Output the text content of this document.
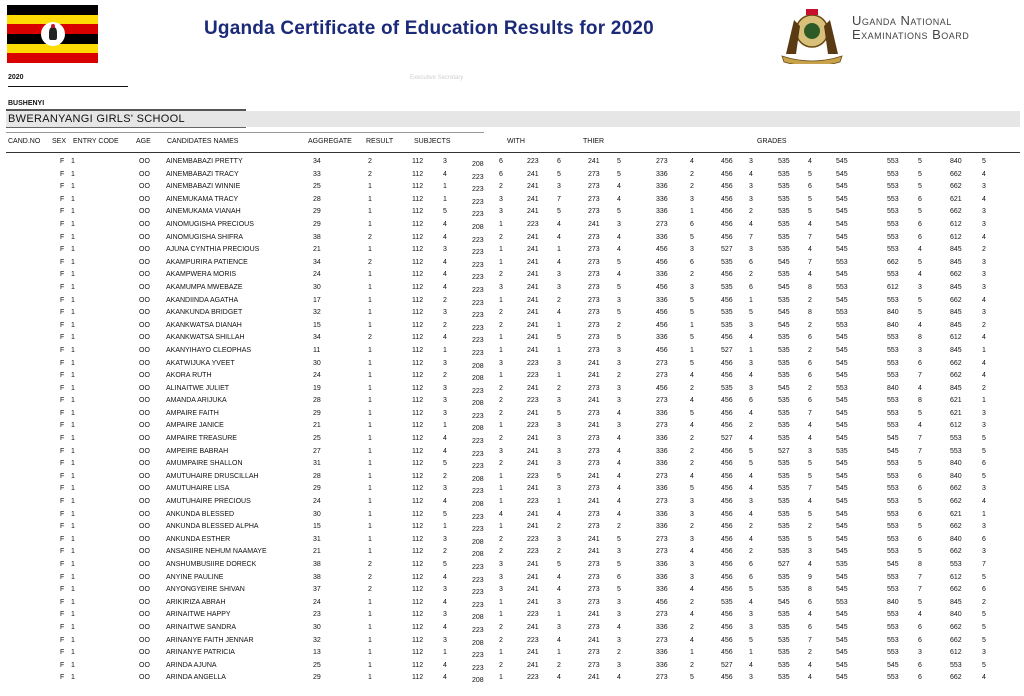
Uganda Certificate of Education Results for 2020	Uganda National
Examinations Board
2020	Executive Secretary
BUSHENYI
BWERANYANGI GIRLS' SCHOOL
CAND.NO SEX ENTRY CODE AGE CANDIDATES NAMES	AGGREGATE RESULT	SUBJECTS	WITH	THIER	GRADES
F 1	OO AINEMBABAZI PRETTY	34	2	112	3	208 6	223	6	241 5	273	4	456 3	535	4	545	553	5	840	5
F 1	OO AINEMBABAZI TRACY	33	2	112	4	223 6	241	5	273 5	336	2	456 4	535	5	545	553	5	662	4
F 1	OO AINEMBABAZI WINNIE	25	1	112	1	223 2	241	3	273 4	336	2	456 3	535	6	545	553	5	662	3
F 1	OO AINEMUKAMA TRACY	28	1	112	1	223 3	241	7	273 4	336	3	456 3	535	5	545	553	6	621	4
F 1	OO AINEMUKAMA VIANAH	29	1	112	5	223 3	241	5	273 5	336	1	456 2	535	5	545	553	5	662	3
F 1	OO AINOMUGISHA PRECIOUS	29	1	112	4	208 1	223	4	241 3	273	6	456 4	535	4	545	553	6	612	3
F 1	OO AINOMUGISHA SHIFRA	38	2	112	4	223 2	241	4	273 4	336	5	456 7	535	7	545	553	6	612	4
F 1	OO AJUNA CYNTHIA PRECIOUS	21	1	112	3	223 1	241	1	273 4	456	3	527 3	535	4	545	553	4	845	2
F 1	OO AKAMPURIRA PATIENCE	34	2	112	4	223 1	241	4	273 5	456	6	535 6	545	7	553	662	5	845	3
F 1	OO AKAMPWERA MORIS	24	1	112	4	223 2	241	3	273 4	336	2	456 2	535	4	545	553	4	662	3
F 1	OO AKAMUMPA MWEBAZE	30	1	112	4	223 3	241	3	273 5	456	3	535 6	545	8	553	612	3	845	3
F 1	OO AKANDIINDA AGATHA	17	1	112	2	223 1	241	2	273 3	336	5	456 1	535	2	545	553	5	662	4
F 1	OO AKANKUNDA BRIDGET	32	1	112	3	223 2	241	4	273 5	456	5	535 5	545	8	553	840	5	845	3
F 1	OO AKANKWATSA DIANAH	15	1	112	2	223 2	241	1	273 2	456	1	535 3	545	2	553	840	4	845	2
F 1	OO AKANKWATSA SHILLAH	34	2	112	4	223 1	241	5	273 5	336	5	456 4	535	6	545	553	8	612	4
F 1	OO AKANYIHAYO CLEOPHAS	11	1	112	1	223 1	241	1	273 3	456	1	527 1	535	2	545	553	3	845	1
F 1	OO AKATWIJUKA YVEET	30	1	112	3	208 3	223	3	241 3	273	5	456 3	535	6	545	553	6	662	4
F 1	OO AKORA RUTH	24	1	112	2	208 1	223	1	241 2	273	4	456 4	535	6	545	553	7	662	4
F 1	OO ALINAITWE JULIET	19	1	112	3	223 2	241	2	273 3	456	2	535 3	545	2	553	840	4	845	2
F 1	OO AMANDA ARIJUKA	28	1	112	3	208 2	223	3	241 3	273	4	456 6	535	6	545	553	8	621	1
F 1	OO AMPAIRE FAITH	29	1	112	3	223 2	241	5	273 4	336	5	456 4	535	7	545	553	5	621	3
F 1	OO AMPAIRE JANICE	21	1	112	1	208 1	223	3	241 3	273	4	456 2	535	4	545	553	4	612	3
F 1	OO AMPAIRE TREASURE	25	1	112	4	223 2	241	3	273 4	336	2	527 4	535	4	545	545	7	553	5
F 1	OO AMPEIRE BABRAH	27	1	112	4	223 3	241	3	273 4	336	2	456 5	527	3	535	545	7	553	5
F 1	OO AMUMPAIRE SHALLON	31	1	112	5	223 2	241	3	273 4	336	2	456 5	535	5	545	553	5	840	6
F 1	OO AMUTUHAIRE DRUSCILLAH	28	1	112	2	208 1	223	5	241 4	273	4	456 4	535	5	545	553	6	840	5
F 1	OO AMUTUHAIRE LISA	29	1	112	3	223 1	241	3	273 4	336	5	456 4	535	7	545	553	6	662	3
F 1	OO AMUTUHAIRE PRECIOUS	24	1	112	4	208 1	223	1	241 4	273	3	456 3	535	4	545	553	5	662	4
F 1	OO ANKUNDA BLESSED	30	1	112	5	223 4	241	4	273 4	336	3	456 4	535	5	545	553	6	621	1
F 1	OO ANKUNDA BLESSED ALPHA	15	1	112	1	223 1	241	2	273 2	336	2	456 2	535	2	545	553	5	662	3
F 1	OO ANKUNDA ESTHER	31	1	112	3	208 2	223	3	241 5	273	3	456 4	535	5	545	553	6	840	6
F 1	OO ANSASIIRE NEHUM NAAMAYE	21	1	112	2	208 2	223	2	241 3	273	4	456 2	535	3	545	553	5	662	3
F 1	OO ANSHUMBUSIIRE DORECK	38	2	112	5	223 3	241	5	273 5	336	3	456 6	527	4	535	545	8	553	7
F 1	OO ANYINE PAULINE	38	2	112	4	223 3	241	4	273 6	336	3	456 6	535	9	545	553	7	612	5
F 1	OO ANYONGYEIRE SHIVAN	37	2	112	3	223 3	241	4	273 5	336	4	456 5	535	8	545	553	7	662	6
F 1	OO ARIKIRIZA ABRAH	24	1	112	4	223 1	241	3	273 3	456	2	535 4	545	6	553	840	5	845	2
F 1	OO ARINAITWE HAPPY	23	1	112	3	208 1	223	1	241 3	273	4	456 3	535	4	545	553	4	840	5
F 1	OO ARINAITWE SANDRA	30	1	112	4	223 2	241	3	273 4	336	2	456 3	535	6	545	553	6	662	5
F 1	OO ARINANYE FAITH JENNAR	32	1	112	3	208 2	223	4	241 3	273	4	456 5	535	7	545	553	6	662	5
F 1	OO ARINANYE PATRICIA	13	1	112	1	223 1	241	1	273 2	336	1	456 1	535	2	545	553	3	612	3
F 1	OO ARINDA AJUNA	25	1	112	4	223 2	241	2	273 3	336	2	527 4	535	4	545	545	6	553	5
F 1	OO ARINDA ANGELLA	29	1	112	4	208 1	223	4	241 4	273	5	456 3	535	4	545	553	6	662	4
